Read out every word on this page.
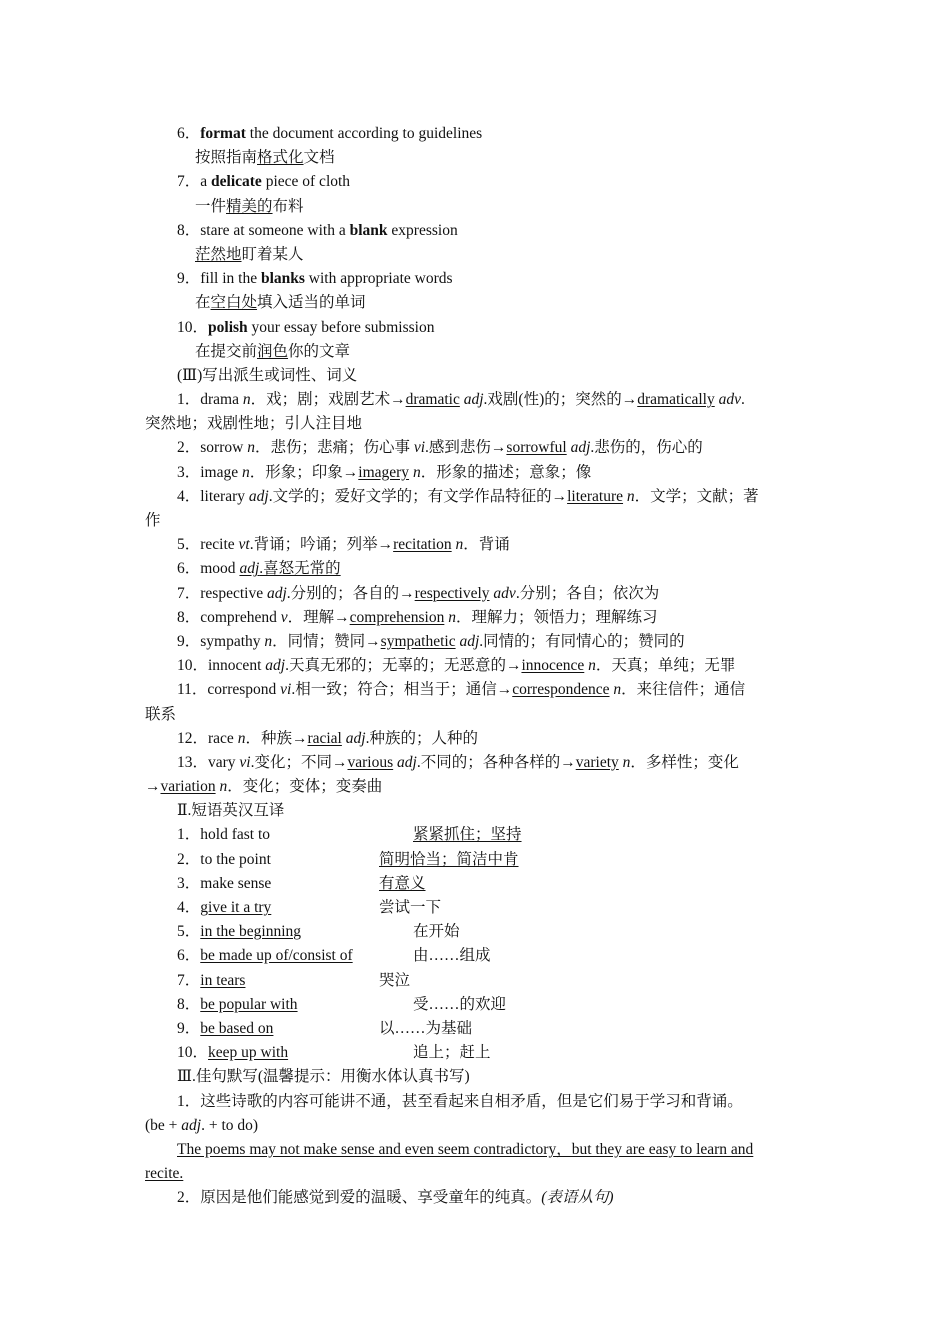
6．format the document according to guidelines
按照指南格式化文档
7．a delicate piece of cloth
一件精美的布料
8．stare at someone with a blank expression
茫然地盯着某人
9．fill in the blanks with appropriate words
在空白处填入适当的单词
10．polish your essay before submission
在提交前润色你的文章
(Ⅲ)写出派生或词性、词义
1．drama n．戏；剧；戏剧艺术→dramatic adj.戏剧(性)的；突然的→dramatically adv.
突然地；戏剧性地；引人注目地
2．sorrow n．悲伤；悲痛；伤心事 vi.感到悲伤→sorrowful adj.悲伤的，伤心的
3．image n．形象；印象→imagery n．形象的描述；意象；像
4．literary adj.文学的；爱好文学的；有文学作品特征的→literature n．文学；文献；著
作
5．recite vt.背诵；吟诵；列举→recitation n．背诵
6．mood adj.喜怒无常的
7．respective adj.分别的；各自的→respectively adv.分别；各自；依次为
8．comprehend v．理解→comprehension n．理解力；领悟力；理解练习
9．sympathy n．同情；赞同→sympathetic adj.同情的；有同情心的；赞同的
10．innocent adj.天真无邪的；无辜的；无恶意的→innocence n．天真；单纯；无罪
11．correspond vi.相一致；符合；相当于；通信→correspondence n．来往信件；通信
联系
12．race n．种族→racial adj.种族的；人种的
13．vary vi.变化；不同→various adj.不同的；各种各样的→variety n．多样性；变化
→variation n．变化；变体；变奏曲
Ⅱ.短语英汉互译
1．hold fast to	紧紧抓住；坚持
2．to the point	简明恰当；简洁中肯
3．make sense	有意义
4．give it a try	尝试一下
5．in the beginning	在开始
6．be made up of/consist of	由……组成
7．in tears	哭泣
8．be popular with	受……的欢迎
9．be based on	以……为基础
10．keep up with	追上；赶上
Ⅲ.佳句默写(温馨提示：用衡水体认真书写)
1．这些诗歌的内容可能讲不通，甚至看起来自相矛盾，但是它们易于学习和背诵。
(be + adj. + to do)
The poems may not make sense and even seem contradictory，but they are easy to learn and
recite.
2．原因是他们能感觉到爱的温暖、享受童年的纯真。(表语从句)
